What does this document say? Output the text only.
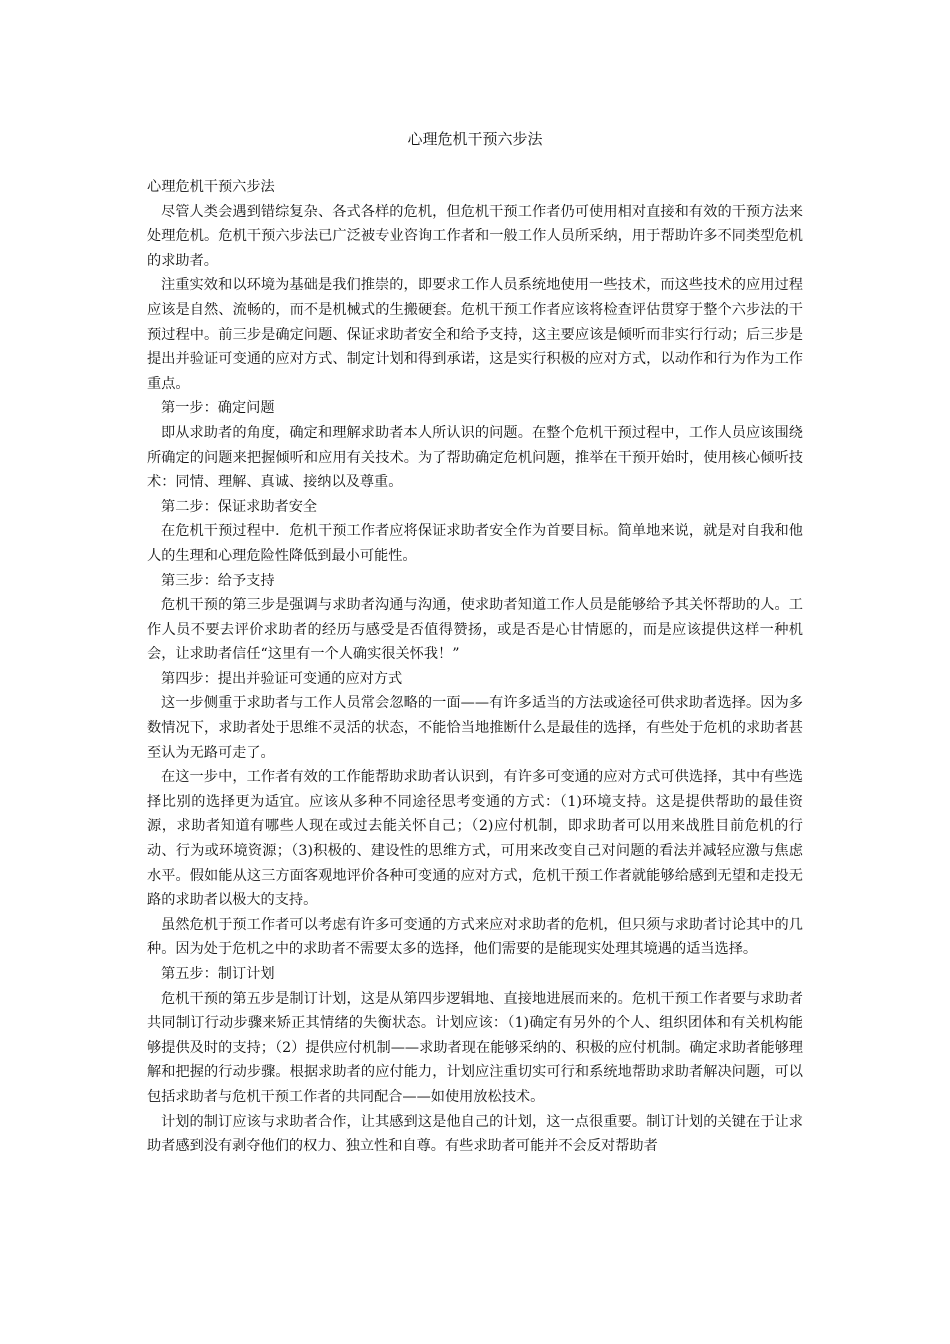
心理危机干预六步法

心理危机干预六步法

尽管人类会遇到错综复杂、各式各样的危机，但危机干预工作者仍可使用相对直接和有效的干预方法来处理危机。危机干预六步法已广泛被专业咨询工作者和一般工作人员所采纳，用于帮助许多不同类型危机的求助者。

注重实效和以环境为基础是我们推崇的，即要求工作人员系统地使用一些技术，而这些技术的应用过程应该是自然、流畅的，而不是机械式的生搬硬套。危机干预工作者应该将检查评估贯穿于整个六步法的干预过程中。前三步是确定问题、保证求助者安全和给予支持，这主要应该是倾听而非实行行动；后三步是提出并验证可变通的应对方式、制定计划和得到承诺，这是实行积极的应对方式，以动作和行为作为工作重点。

第一步：确定问题

即从求助者的角度，确定和理解求助者本人所认识的问题。在整个危机干预过程中，工作人员应该围绕所确定的问题来把握倾听和应用有关技术。为了帮助确定危机问题，推举在干预开始时，使用核心倾听技术：同情、理解、真诚、接纳以及尊重。

第二步：保证求助者安全

在危机干预过程中．危机干预工作者应将保证求助者安全作为首要目标。简单地来说，就是对自我和他人的生理和心理危险性降低到最小可能性。

第三步：给予支持

危机干预的第三步是强调与求助者沟通与沟通，使求助者知道工作人员是能够给予其关怀帮助的人。工作人员不要去评价求助者的经历与感受是否值得赞扬，或是否是心甘情愿的，而是应该提供这样一种机会，让求助者信任“这里有一个人确实很关怀我！”

第四步：提出并验证可变通的应对方式

这一步侧重于求助者与工作人员常会忽略的一面——有许多适当的方法或途径可供求助者选择。因为多数情况下，求助者处于思维不灵活的状态，不能恰当地推断什么是最佳的选择，有些处于危机的求助者甚至认为无路可走了。

在这一步中，工作者有效的工作能帮助求助者认识到，有许多可变通的应对方式可供选择，其中有些选择比别的选择更为适宜。应该从多种不同途径思考变通的方式：（1)环境支持。这是提供帮助的最佳资源，求助者知道有哪些人现在或过去能关怀自己；（2)应付机制，即求助者可以用来战胜目前危机的行动、行为或环境资源；（3)积极的、建设性的思维方式，可用来改变自己对问题的看法并减轻应激与焦虑水平。假如能从这三方面客观地评价各种可变通的应对方式，危机干预工作者就能够给感到无望和走投无路的求助者以极大的支持。

虽然危机于预工作者可以考虑有许多可变通的方式来应对求助者的危机，但只须与求助者讨论其中的几种。因为处于危机之中的求助者不需要太多的选择，他们需要的是能现实处理其境遇的适当选择。

第五步：制订计划

危机干预的第五步是制订计划，这是从第四步逻辑地、直接地进展而来的。危机干预工作者要与求助者共同制订行动步骤来矫正其情绪的失衡状态。计划应该：（1)确定有另外的个人、组织团体和有关机构能够提供及时的支持；（2）提供应付机制——求助者现在能够采纳的、积极的应付机制。确定求助者能够理解和把握的行动步骤。根据求助者的应付能力，计划应注重切实可行和系统地帮助求助者解决问题，可以包括求助者与危机干预工作者的共同配合——如使用放松技术。

计划的制订应该与求助者合作，让其感到这是他自己的计划，这一点很重要。制订计划的关键在于让求助者感到没有剥夺他们的权力、独立性和自尊。有些求助者可能并不会反对帮助者
